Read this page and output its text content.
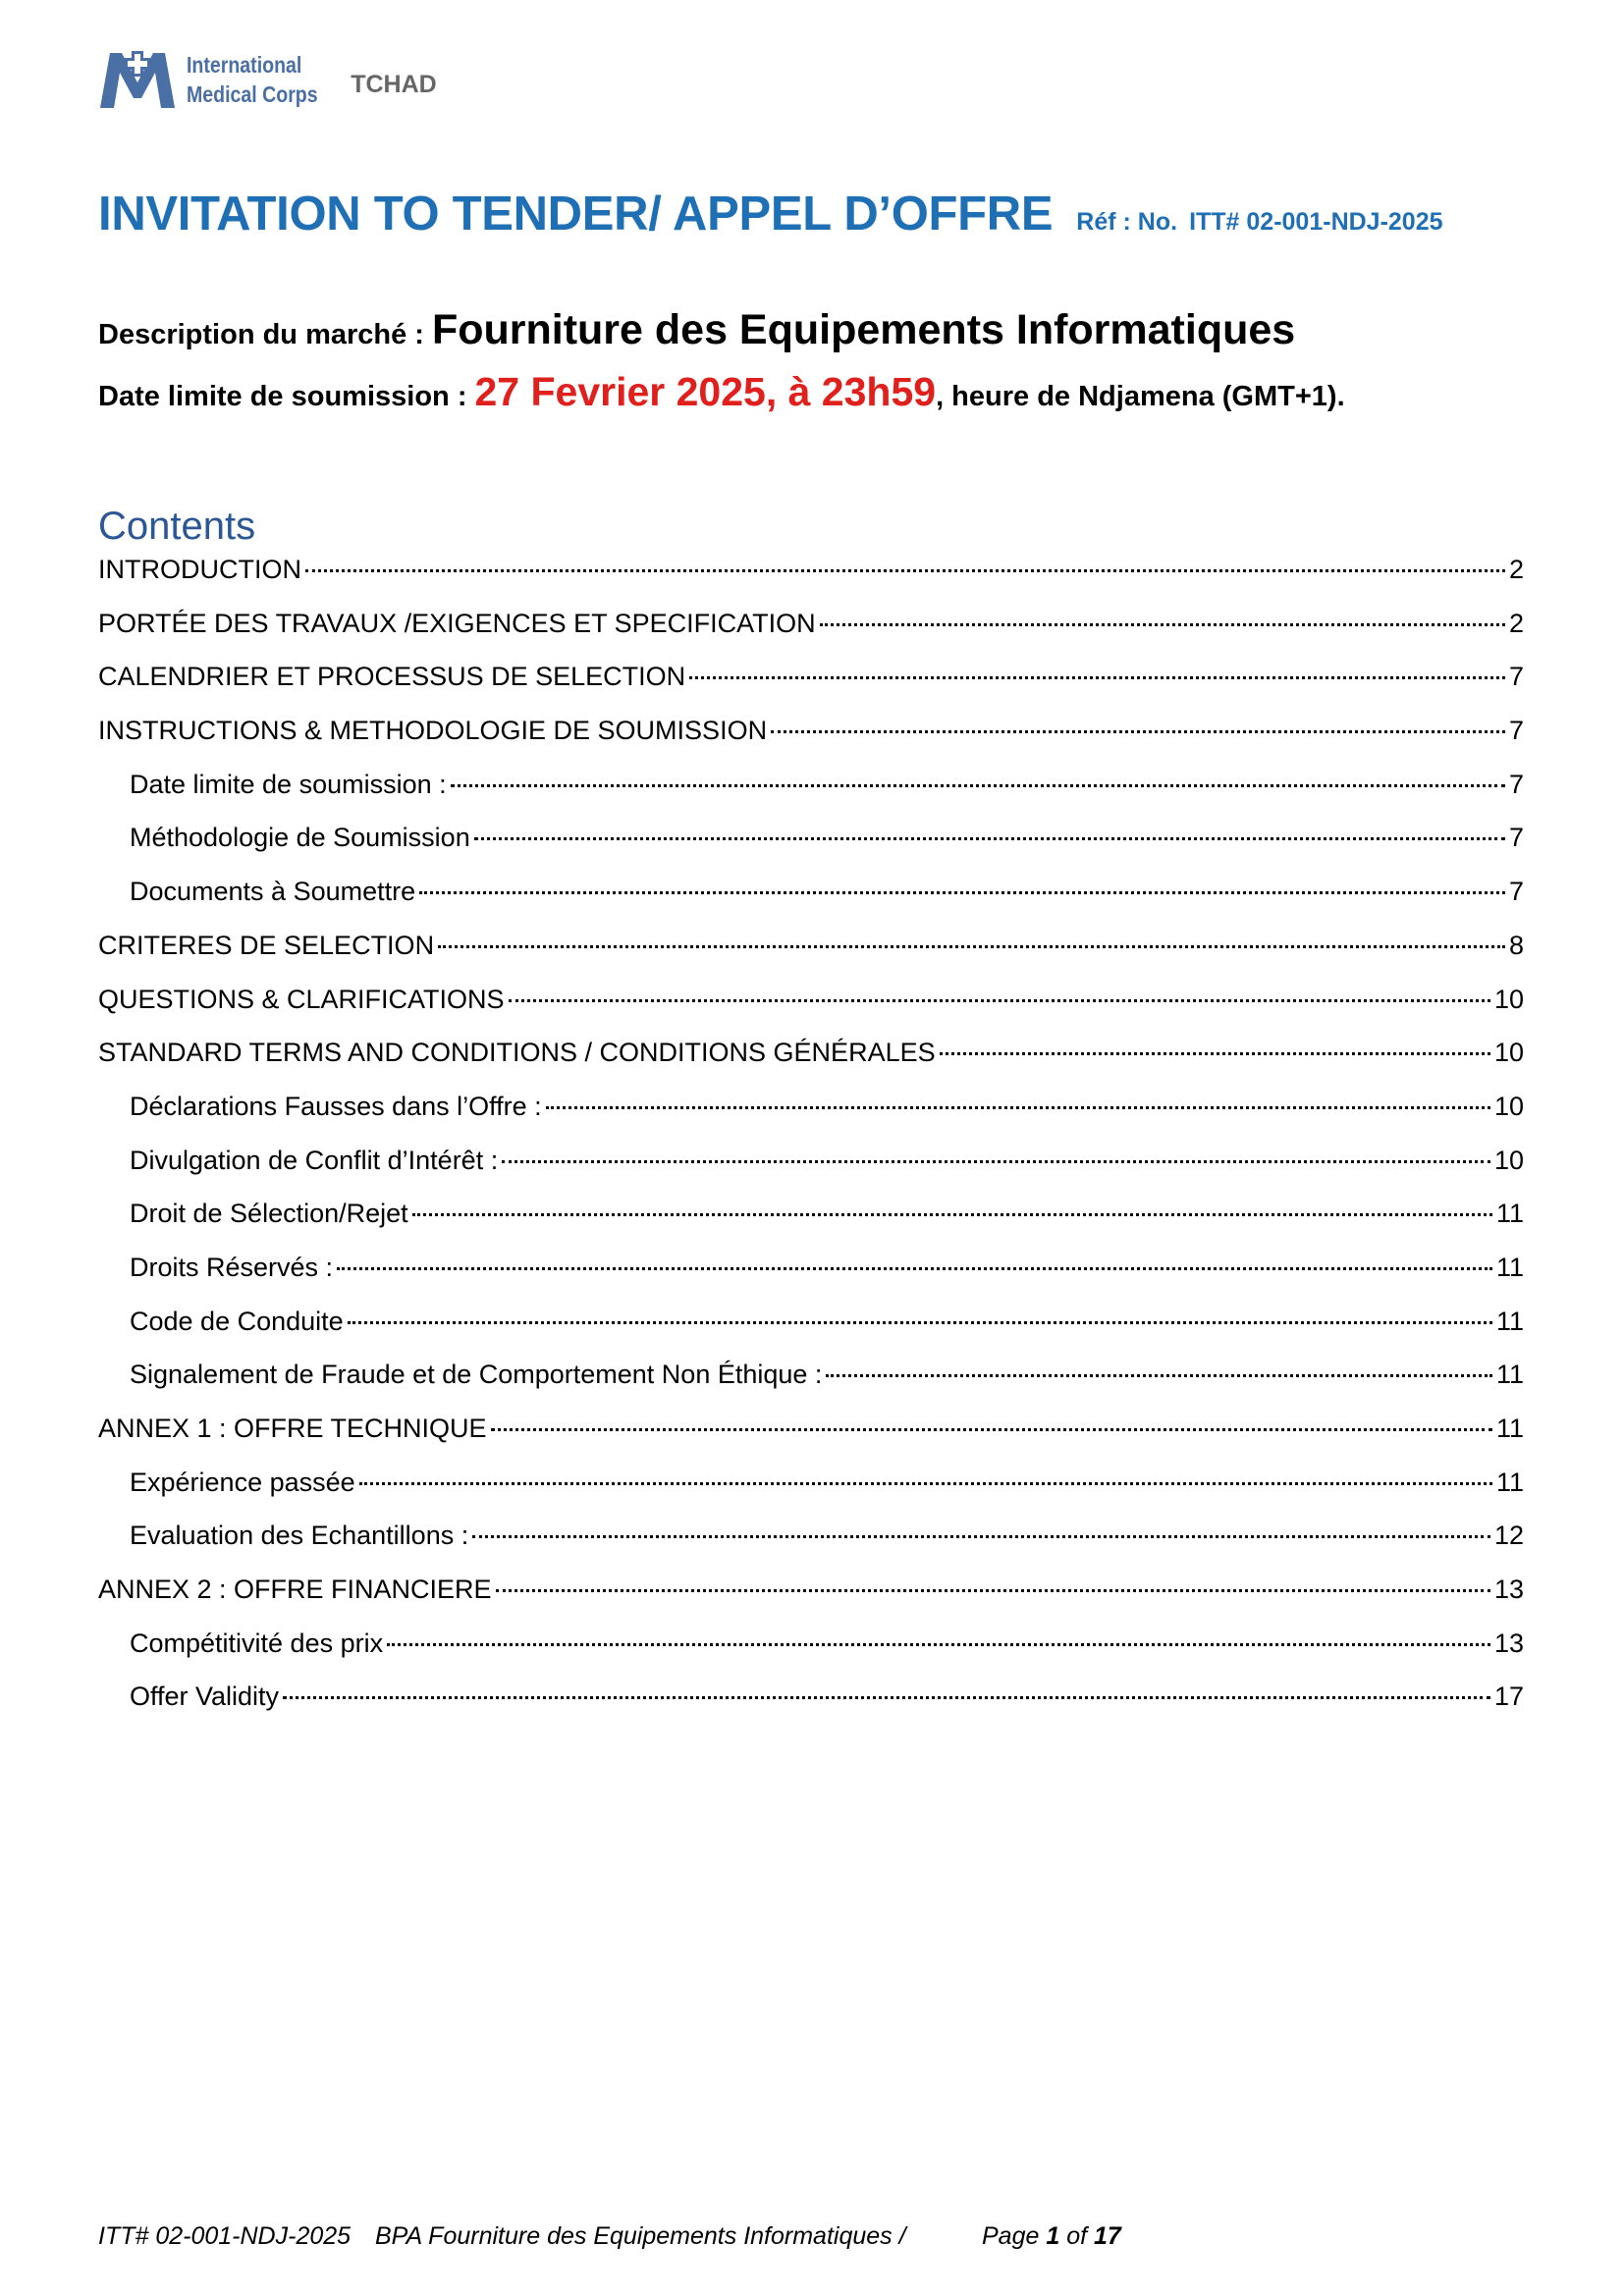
International
Medical Corps TCHAD
INVITATION TO TENDER/ APPEL D’OFFRE Réf : No. ITT# 02-001-NDJ-2025
Description du marché : Fourniture des Equipements Informatiques
Date limite de soumission : 27 Fevrier 2025, à 23h59 , heure de Ndjamena (GMT+1).
Contents
INTRODUCTION	2
PORTÉE DES TRAVAUX /EXIGENCES ET SPECIFICATION	2
CALENDRIER ET PROCESSUS DE SELECTION	7
INSTRUCTIONS & METHODOLOGIE DE SOUMISSION	7
Date limite de soumission :	7
Méthodologie de Soumission	7
Documents à Soumettre	7
CRITERES DE SELECTION	8
QUESTIONS & CLARIFICATIONS	10
STANDARD TERMS AND CONDITIONS / CONDITIONS GÉNÉRALES	10
Déclarations Fausses dans l’Offre :	10
Divulgation de Conflit d’Intérêt :	10
Droit de Sélection/Rejet	11
Droits Réservés :	11
Code de Conduite	11
Signalement de Fraude et de Comportement Non Éthique :	11
ANNEX 1 : OFFRE TECHNIQUE	11
Expérience passée	11
Evaluation des Echantillons :	12
ANNEX 2 : OFFRE FINANCIERE	13
Compétitivité des prix	13
Offer Validity	17
ITT# 02-001-NDJ-2025 BPA Fourniture des Equipements Informatiques /	Page 1 of 17
